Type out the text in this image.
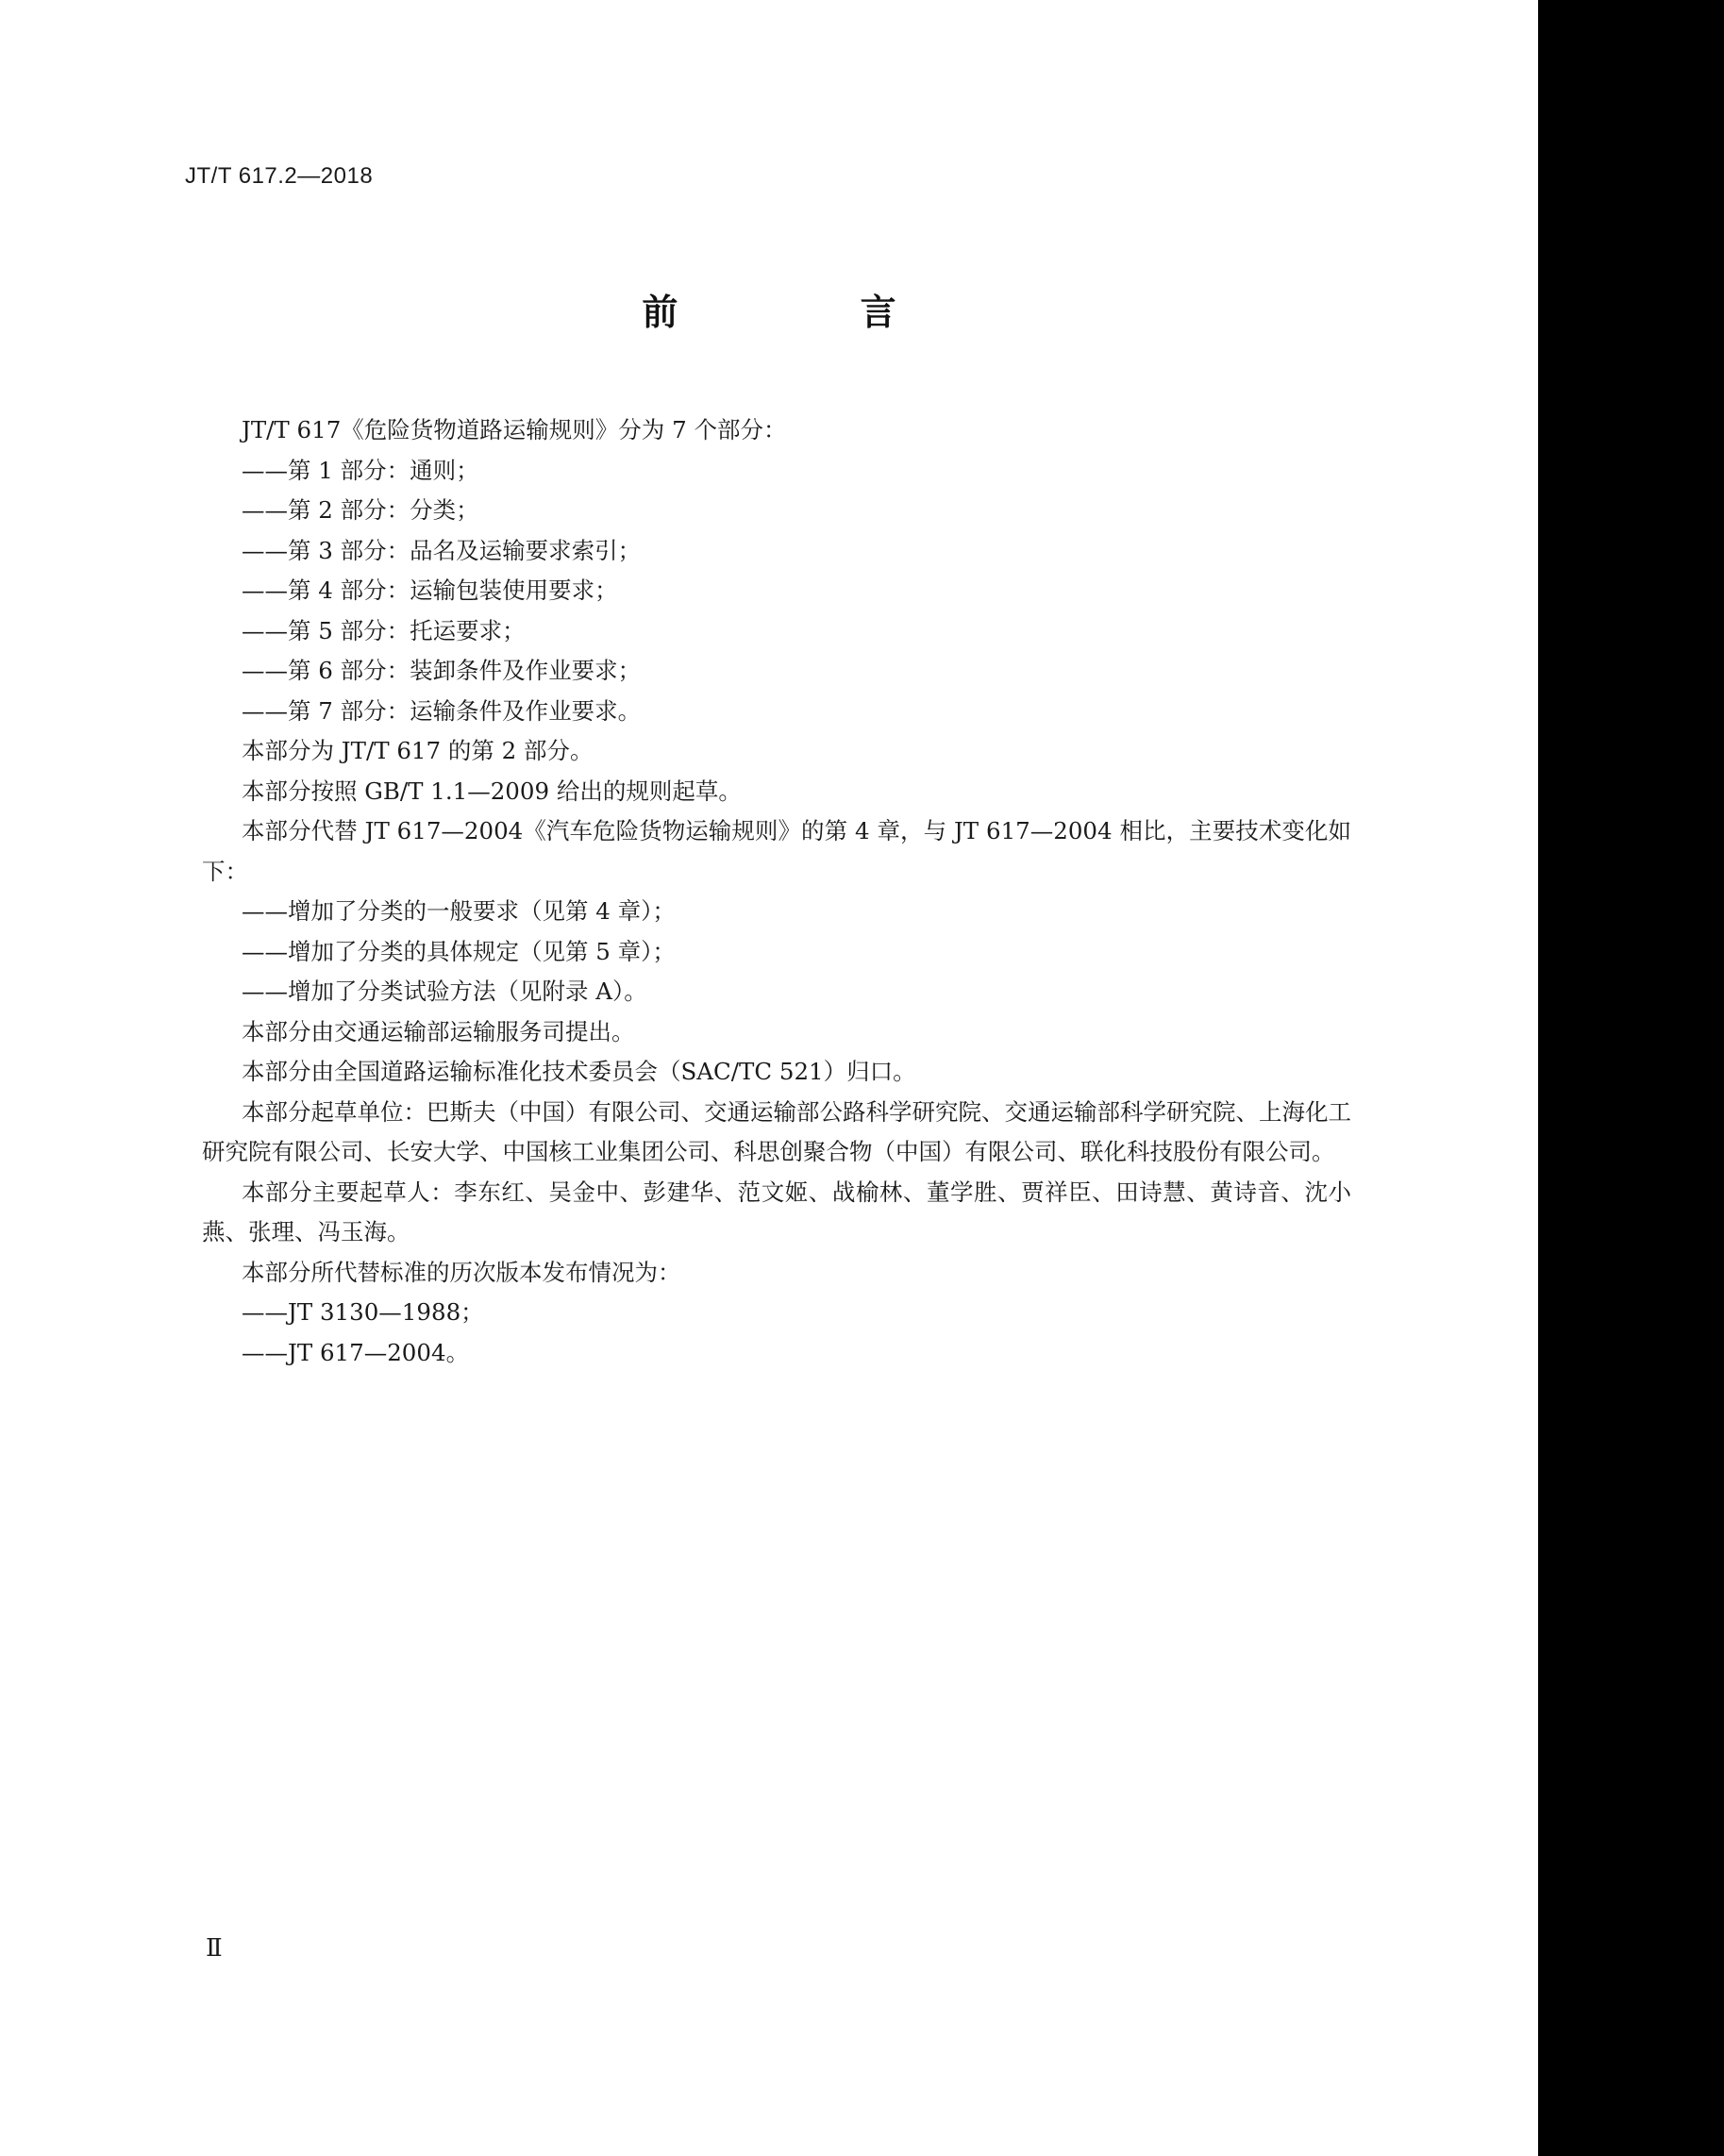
JT/T 617.2—2018
前 言

JT/T 617《危险货物道路运输规则》分为 7 个部分：

——第 1 部分：通则；

——第 2 部分：分类；

——第 3 部分：品名及运输要求索引；

——第 4 部分：运输包装使用要求；

——第 5 部分：托运要求；

——第 6 部分：装卸条件及作业要求；

——第 7 部分：运输条件及作业要求。

本部分为 JT/T 617 的第 2 部分。

本部分按照 GB/T 1.1—2009 给出的规则起草。

本部分代替 JT 617—2004《汽车危险货物运输规则》的第 4 章，与 JT 617—2004 相比，主要技术变化如下：

——增加了分类的一般要求（见第 4 章）；

——增加了分类的具体规定（见第 5 章）；

——增加了分类试验方法（见附录 A）。

本部分由交通运输部运输服务司提出。

本部分由全国道路运输标准化技术委员会（SAC/TC 521）归口。

本部分起草单位：巴斯夫（中国）有限公司、交通运输部公路科学研究院、交通运输部科学研究院、上海化工研究院有限公司、长安大学、中国核工业集团公司、科思创聚合物（中国）有限公司、联化科技股份有限公司。

本部分主要起草人：李东红、吴金中、彭建华、范文姬、战榆林、董学胜、贾祥臣、田诗慧、黄诗音、沈小燕、张理、冯玉海。

本部分所代替标准的历次版本发布情况为：

——JT 3130—1988；

——JT 617—2004。

Ⅱ
